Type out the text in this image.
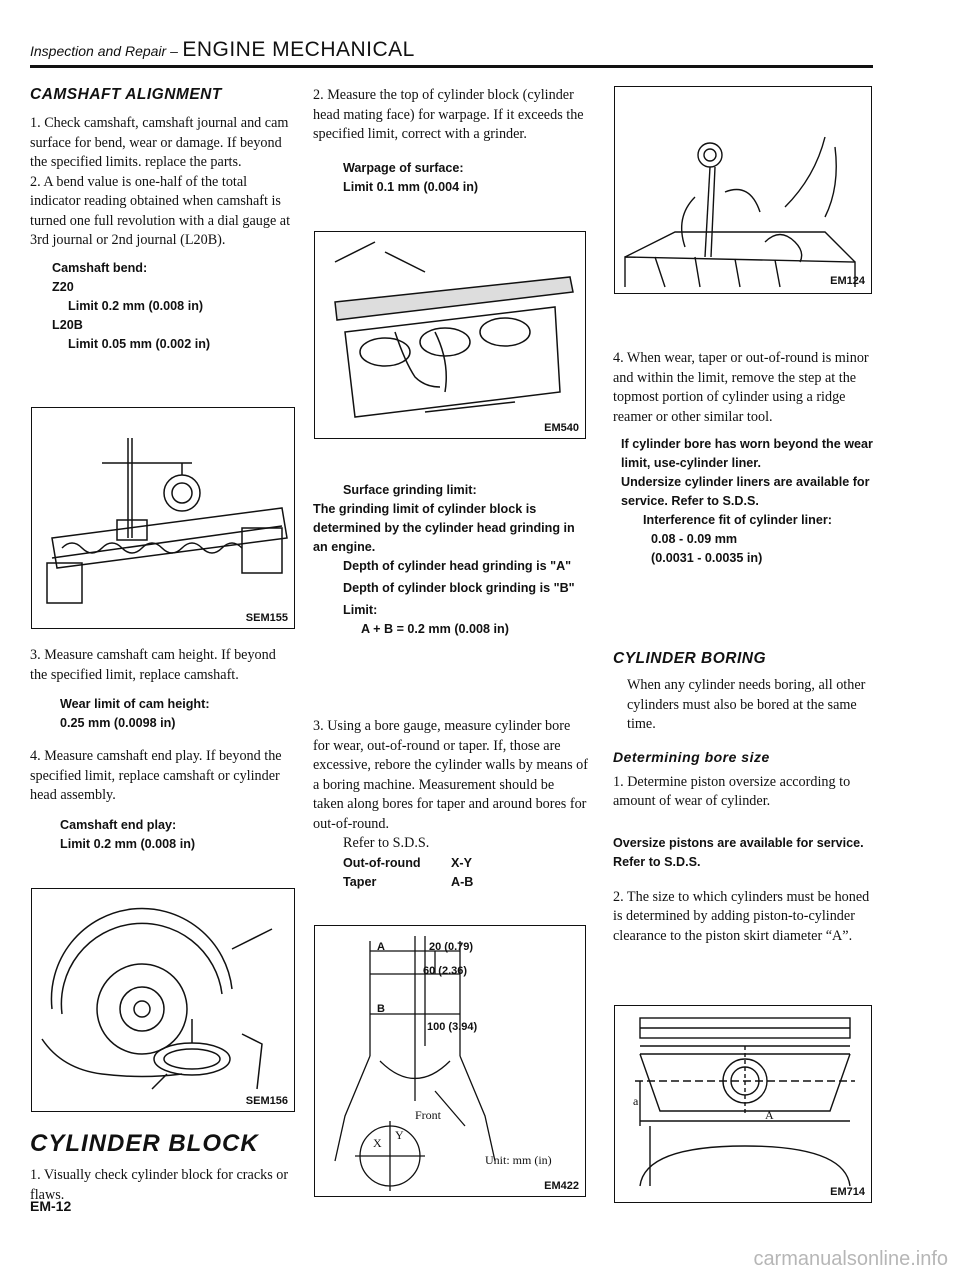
Inspection and Repair – ENGINE MECHANICAL
CAMSHAFT ALIGNMENT

1. Check camshaft, camshaft journal and cam surface for bend, wear or damage. If beyond the specified limits. replace the parts.

2. A bend value is one-half of the total indicator reading obtained when camshaft is turned one full revolution with a dial gauge at 3rd journal or 2nd journal (L20B).

Camshaft bend:
Z20
Limit 0.2 mm (0.008 in)
L20B
Limit 0.05 mm (0.002 in)
SEM155

3. Measure camshaft cam height. If beyond the specified limit, replace camshaft.

Wear limit of cam height:
0.25 mm (0.0098 in)

4. Measure camshaft end play. If beyond the specified limit, replace camshaft or cylinder head assembly.

Camshaft end play:
Limit 0.2 mm (0.008 in)
SEM156
CYLINDER BLOCK

1. Visually check cylinder block for cracks or flaws.

2. Measure the top of cylinder block (cylinder head mating face) for warpage. If it exceeds the specified limit, correct with a grinder.

Warpage of surface:
Limit 0.1 mm (0.004 in)
EM540
Surface grinding limit:
The grinding limit of cylinder block is determined by the cylinder head grinding in an engine.
Depth of cylinder head grinding is "A"
Depth of cylinder block grinding is "B"
Limit:
A + B = 0.2 mm (0.008 in)

3. Using a bore gauge, measure cylinder bore for wear, out-of-round or taper. If, those are excessive, rebore the cylinder walls by means of a boring machine. Measurement should be taken along bores for taper and around bores for out-of-round.

Refer to S.D.S.
Out-of-round	X-Y
Taper	A-B
A
B
20 (0.79)
60 (2.36)
100 (3.94)
Front
X
Y
Unit: mm (in)
EM422
EM124

4. When wear, taper or out-of-round is minor and within the limit, remove the step at the topmost portion of cylinder using a ridge reamer or other similar tool.

If cylinder bore has worn beyond the wear limit, use-cylinder liner.
Undersize cylinder liners are available for service. Refer to S.D.S.
Interference fit of cylinder liner:
0.08 - 0.09 mm
(0.0031 - 0.0035 in)
CYLINDER BORING

When any cylinder needs boring, all other cylinders must also be bored at the same time.

Determining bore size

1. Determine piston oversize according to amount of wear of cylinder.

Oversize pistons are available for service. Refer to S.D.S.

2. The size to which cylinders must be honed is determined by adding piston-to-cylinder clearance to the piston skirt diameter “A”.

a
A
EM714
EM-12
carmanualsonline.info
